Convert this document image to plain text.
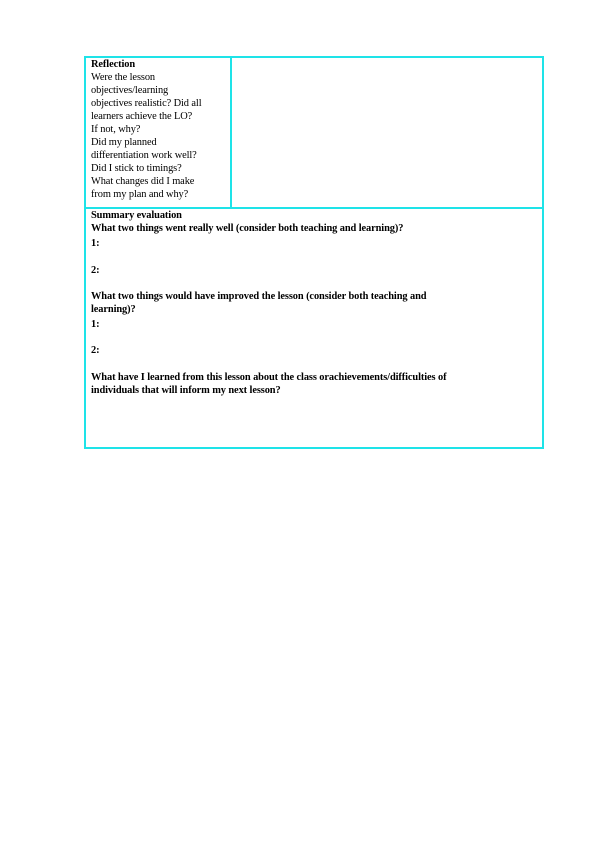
Reflection
Were the lesson
objectives/learning
objectives realistic? Did all
learners achieve the LO?
If not, why?
Did my planned
differentiation work well?
Did I stick to timings?
What changes did I make
from my plan and why?
Summary evaluation
What two things went really well (consider both teaching and learning)?
1:
2:
What two things would have improved the lesson (consider both teaching and
learning)?
1:
2:
What have I learned from this lesson about the class orachievements/difficulties of
individuals that will inform my next lesson?
